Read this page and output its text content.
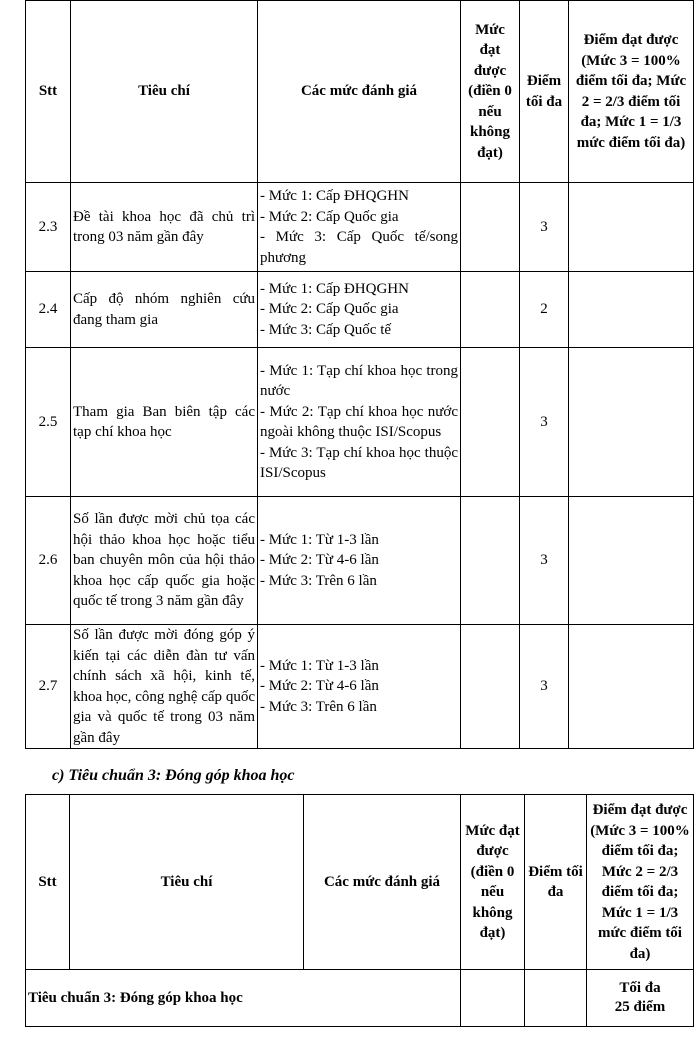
Stt	Tiêu chí	Các mức đánh giá	Mức đạt được (điền 0 nếu không đạt)	Điểm tối đa	Điểm đạt được (Mức 3 = 100% điểm tối đa; Mức 2 = 2/3 điểm tối đa; Mức 1 = 1/3 mức điểm tối đa)
2.3	Đề tài khoa học đã chủ trì trong 03 năm gần đây	- Mức 1: Cấp ĐHQGHN
- Mức 2: Cấp Quốc gia
- Mức 3: Cấp Quốc tế/song phương		3	
2.4	Cấp độ nhóm nghiên cứu đang tham gia	- Mức 1: Cấp ĐHQGHN
- Mức 2: Cấp Quốc gia
- Mức 3: Cấp Quốc tế		2	
2.5	Tham gia Ban biên tập các tạp chí khoa học	- Mức 1: Tạp chí khoa học trong nước
- Mức 2: Tạp chí khoa học nước ngoài không thuộc ISI/Scopus
- Mức 3: Tạp chí khoa học thuộc ISI/Scopus		3	
2.6	Số lần được mời chủ tọa các hội thảo khoa học hoặc tiểu ban chuyên môn của hội thảo khoa học cấp quốc gia hoặc quốc tế trong 3 năm gần đây	- Mức 1: Từ 1-3 lần
- Mức 2: Từ 4-6 lần
- Mức 3: Trên 6 lần		3	
2.7	Số lần được mời đóng góp ý kiến tại các diễn đàn tư vấn chính sách xã hội, kinh tế, khoa học, công nghệ cấp quốc gia và quốc tế trong 03 năm gần đây	- Mức 1: Từ 1-3 lần
- Mức 2: Từ 4-6 lần
- Mức 3: Trên 6 lần		3	
c) Tiêu chuẩn 3: Đóng góp khoa học
Stt	Tiêu chí	Các mức đánh giá	Mức đạt được (điền 0 nếu không đạt)	Điểm tối đa	Điểm đạt được (Mức 3 = 100% điểm tối đa; Mức 2 = 2/3 điểm tối đa; Mức 1 = 1/3 mức điểm tối đa)
Tiêu chuẩn 3: Đóng góp khoa học					Tối đa
25 điểm
